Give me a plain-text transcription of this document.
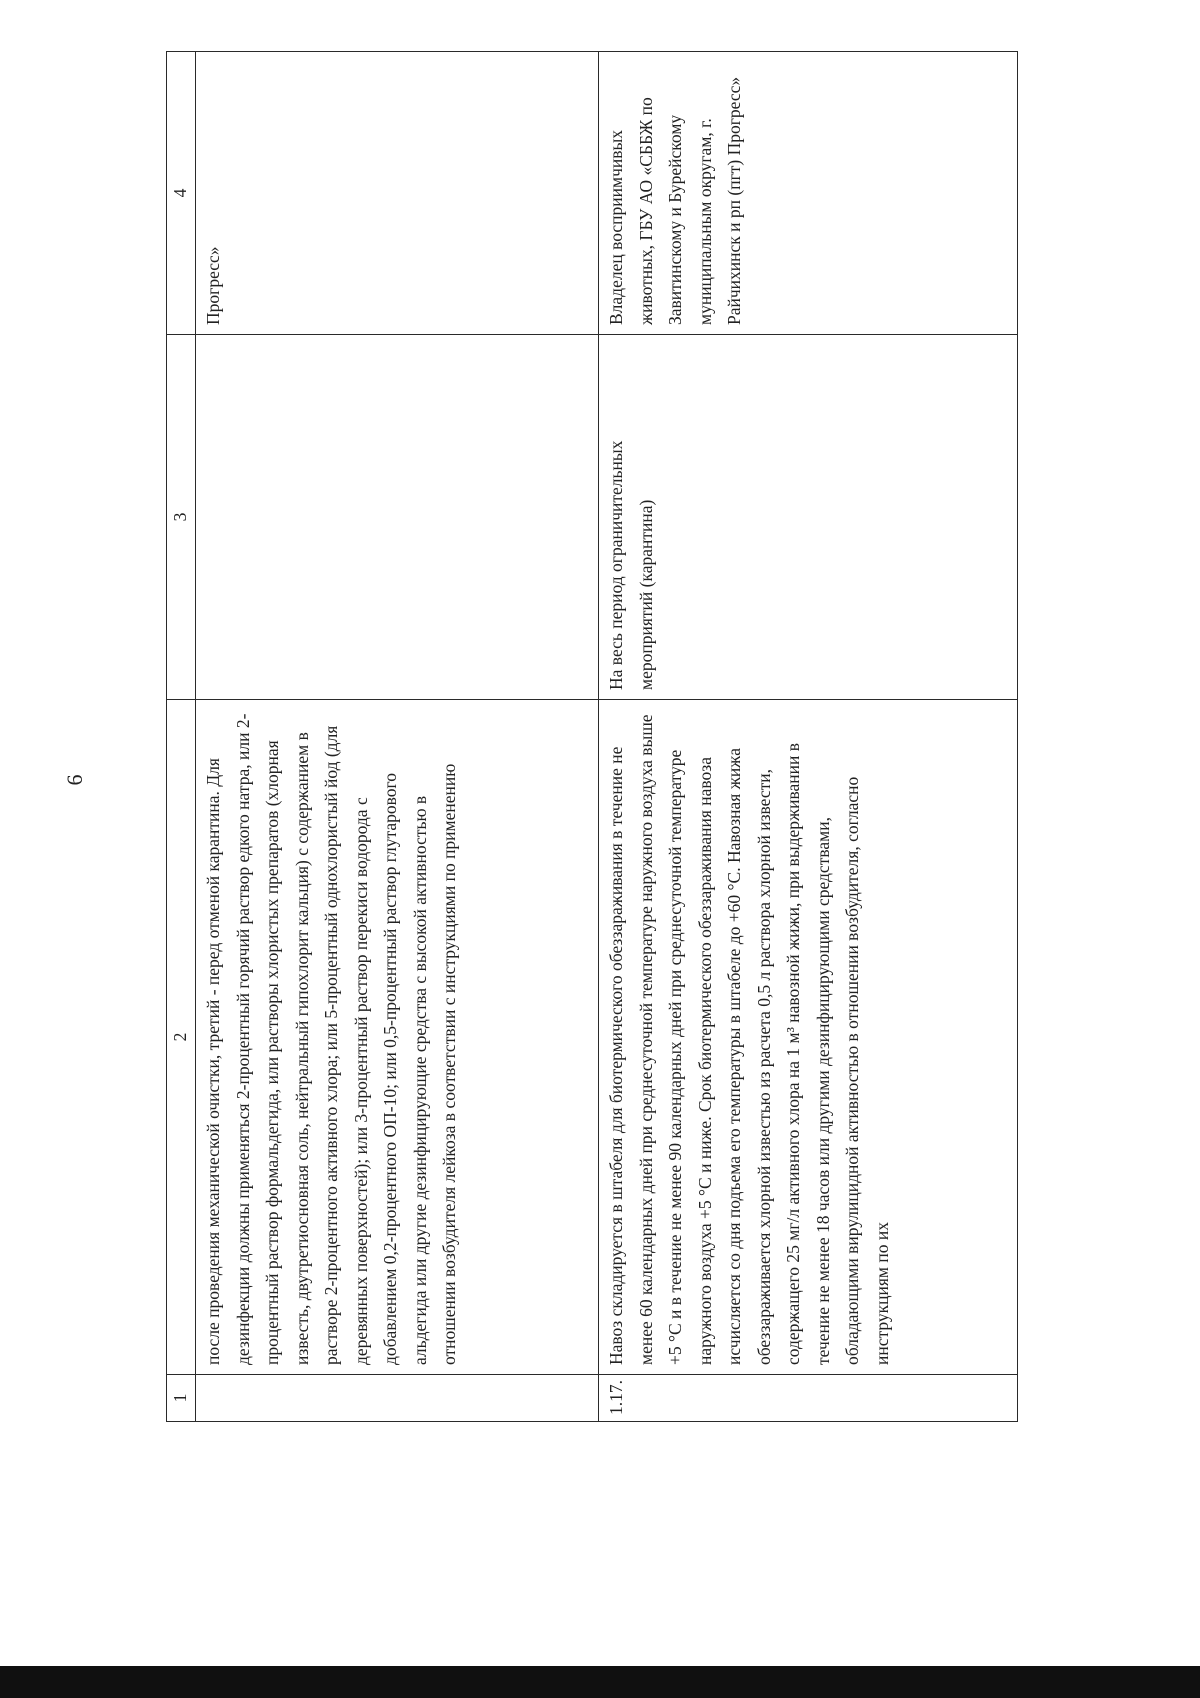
6
1	2	3	4
	после проведения механической очистки, третий - перед отменой карантина. Для дезинфекции должны применяться 2-процентный горячий раствор едкого натра, или 2-процентный раствор формальдегида, или растворы хлористых препаратов (хлорная известь, двутретиосновная соль, нейтральный гипохлорит кальция) с содержанием в растворе 2-процентного активного хлора; или 5-процентный однохлористый йод (для деревянных поверхностей); или 3-процентный раствор перекиси водорода с добавлением 0,2-процентного ОП-10; или 0,5-процентный раствор глутарового альдегида или другие дезинфицирующие средства с высокой активностью в отношении возбудителя лейкоза в соответствии с инструкциями по применению		Прогресс»
1.17.	Навоз складируется в штабеля для биотермического обеззараживания в течение не менее 60 календарных дней при среднесуточной температуре наружного воздуха выше +5 °С и в течение не менее 90 календарных дней при среднесуточной температуре наружного воздуха +5 °С и ниже. Срок биотермического обеззараживания навоза исчисляется со дня подъема его температуры в штабеле до +60 °С. Навозная жижа обеззараживается хлорной известью из расчета 0,5 л раствора хлорной извести, содержащего 25 мг/л активного хлора на 1 м³ навозной жижи, при выдерживании в течение не менее 18 часов или другими дезинфицирующими средствами, обладающими вирулицидной активностью в отношении возбудителя, согласно инструкциям по их	На весь период ограничительных мероприятий (карантина)	Владелец восприимчивых животных, ГБУ АО «СББЖ по Завитинскому и Бурейскому муниципальным округам, г. Райчихинск и рп (пгт) Прогресс»
